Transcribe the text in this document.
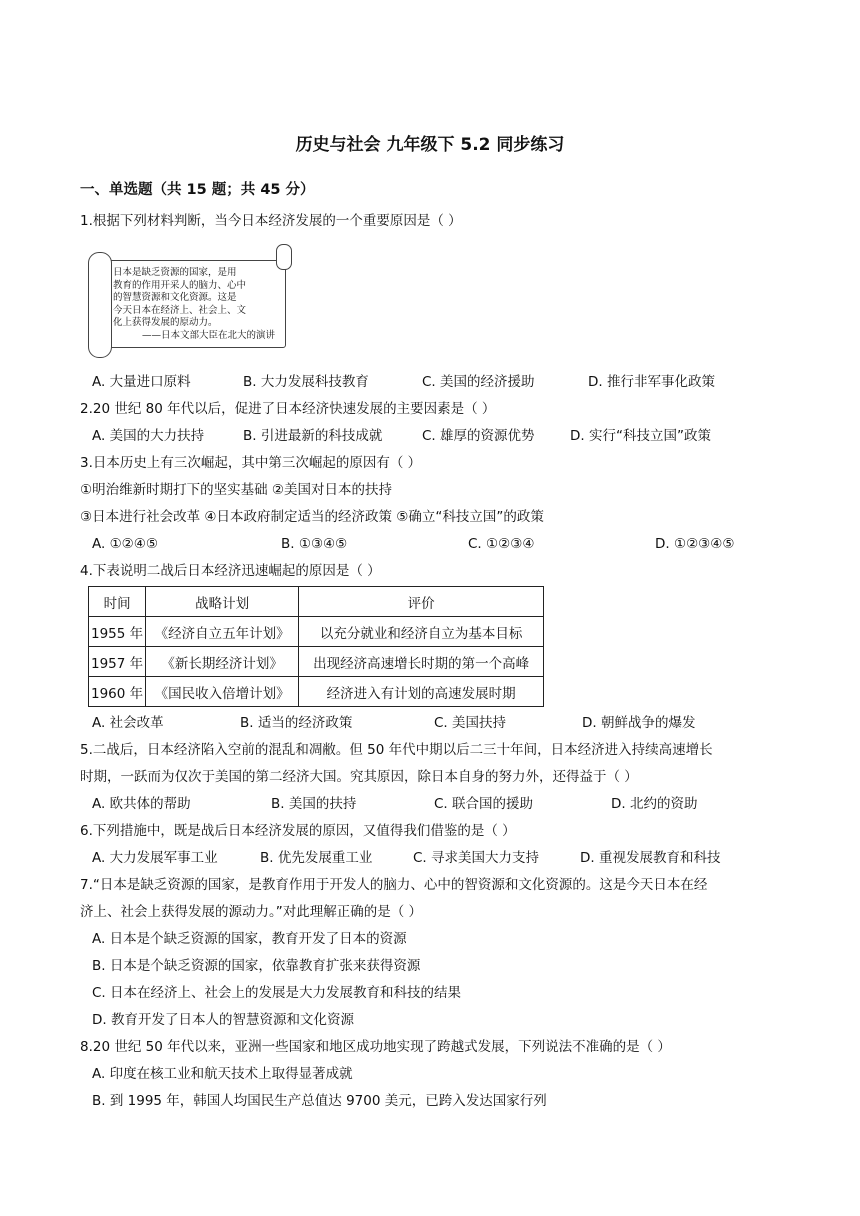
历史与社会 九年级下 5.2 同步练习
一、单选题（共 15 题；共 45 分）
1.根据下列材料判断，当今日本经济发展的一个重要原因是（ ）
日本是缺乏资源的国家，是用
教育的作用开采人的脑力、心中
的智慧资源和文化资源。这是
今天日本在经济上、社会上、文
化上获得发展的原动力。
——日本文部大臣在北大的演讲
A. 大量进口原料	B. 大力发展科技教育	C. 美国的经济援助	D. 推行非军事化政策
2.20 世纪 80 年代以后，促进了日本经济快速发展的主要因素是（ ）
A. 美国的大力扶持	B. 引进最新的科技成就	C. 雄厚的资源优势	D. 实行“科技立国”政策
3.日本历史上有三次崛起，其中第三次崛起的原因有（ ）
①明治维新时期打下的坚实基础 ②美国对日本的扶持
③日本进行社会改革 ④日本政府制定适当的经济政策 ⑤确立“科技立国”的政策
A. ①②④⑤	B. ①③④⑤	C. ①②③④	D. ①②③④⑤
4.下表说明二战后日本经济迅速崛起的原因是（ ）
时间	战略计划	评价
1955 年	《经济自立五年计划》	以充分就业和经济自立为基本目标
1957 年	《新长期经济计划》	出现经济高速增长时期的第一个高峰
1960 年	《国民收入倍增计划》	经济进入有计划的高速发展时期
A. 社会改革	B. 适当的经济政策	C. 美国扶持	D. 朝鲜战争的爆发
5.二战后，日本经济陷入空前的混乱和凋敝。但 50 年代中期以后二三十年间，日本经济进入持续高速增长
时期，一跃而为仅次于美国的第二经济大国。究其原因，除日本自身的努力外，还得益于（ ）
A. 欧共体的帮助	B. 美国的扶持	C. 联合国的援助	D. 北约的资助
6.下列措施中，既是战后日本经济发展的原因，又值得我们借鉴的是（ ）
A. 大力发展军事工业	B. 优先发展重工业	C. 寻求美国大力支持	D. 重视发展教育和科技
7.“日本是缺乏资源的国家，是教育作用于开发人的脑力、心中的智资源和文化资源的。这是今天日本在经
济上、社会上获得发展的源动力。”对此理解正确的是（ ）
A. 日本是个缺乏资源的国家，教育开发了日本的资源
B. 日本是个缺乏资源的国家，依靠教育扩张来获得资源
C. 日本在经济上、社会上的发展是大力发展教育和科技的结果
D. 教育开发了日本人的智慧资源和文化资源
8.20 世纪 50 年代以来，亚洲一些国家和地区成功地实现了跨越式发展，下列说法不准确的是（ ）
A. 印度在核工业和航天技术上取得显著成就
B. 到 1995 年，韩国人均国民生产总值达 9700 美元，已跨入发达国家行列
